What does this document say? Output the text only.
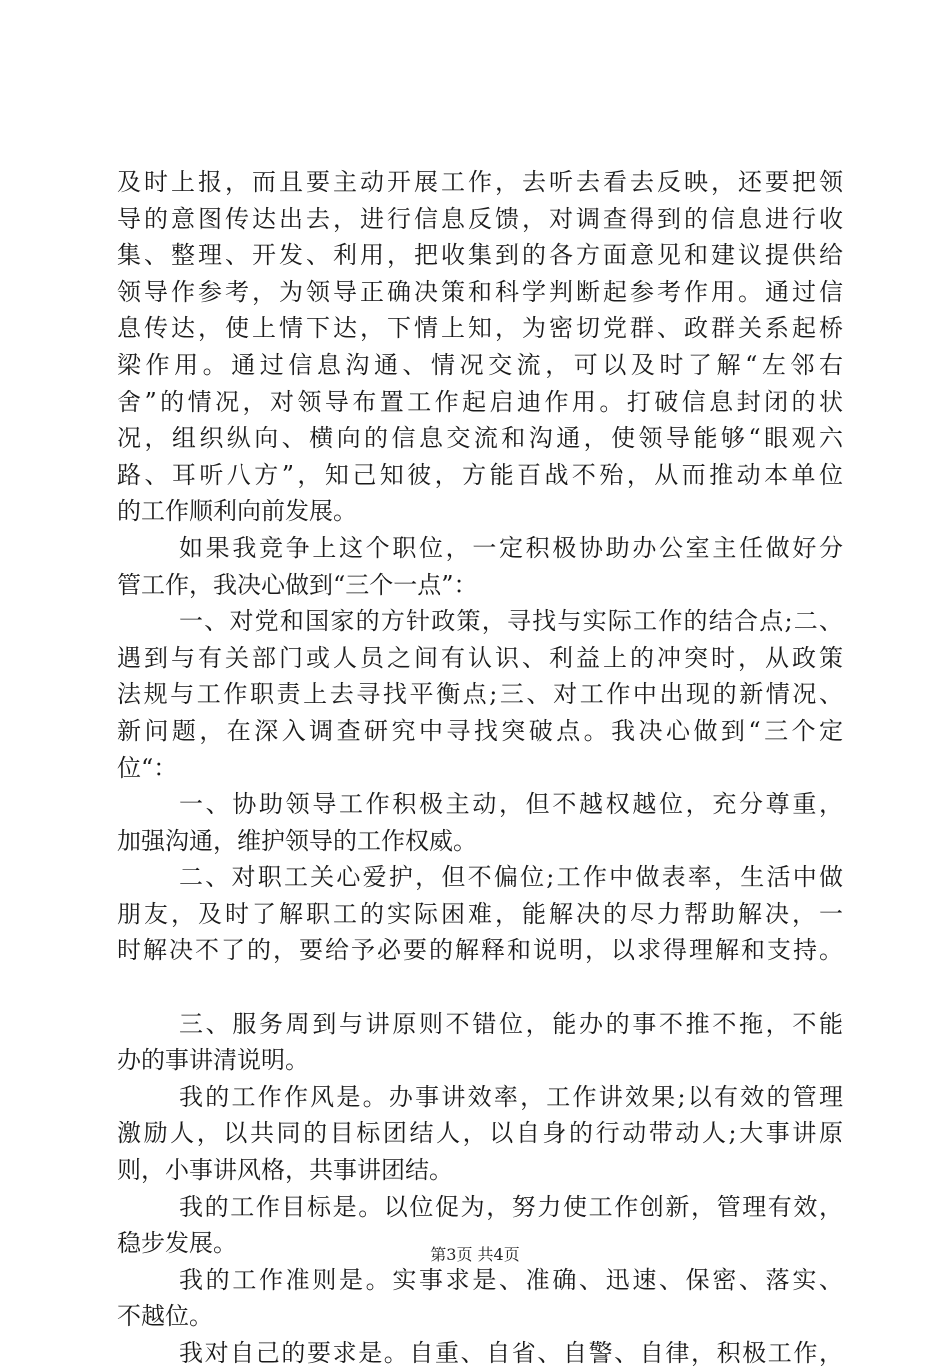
及时上报，而且要主动开展工作，去听去看去反映，还要把领
导的意图传达出去，进行信息反馈，对调查得到的信息进行收
集、整理、开发、利用，把收集到的各方面意见和建议提供给
领导作参考，为领导正确决策和科学判断起参考作用。通过信
息传达，使上情下达，下情上知，为密切党群、政群关系起桥
梁作用。通过信息沟通、情况交流，可以及时了解“左邻右
舍”的情况，对领导布置工作起启迪作用。打破信息封闭的状
况，组织纵向、横向的信息交流和沟通，使领导能够“眼观六
路、耳听八方”，知己知彼，方能百战不殆，从而推动本单位
的工作顺利向前发展。
如果我竞争上这个职位，一定积极协助办公室主任做好分
管工作，我决心做到“三个一点”：
一、对党和国家的方针政策，寻找与实际工作的结合点;二、
遇到与有关部门或人员之间有认识、利益上的冲突时，从政策
法规与工作职责上去寻找平衡点;三、对工作中出现的新情况、
新问题，在深入调查研究中寻找突破点。我决心做到“三个定
位“：
一、协助领导工作积极主动，但不越权越位，充分尊重，
加强沟通，维护领导的工作权威。
二、对职工关心爱护，但不偏位;工作中做表率，生活中做
朋友，及时了解职工的实际困难，能解决的尽力帮助解决，一
时解决不了的，要给予必要的解释和说明，以求得理解和支持。
三、服务周到与讲原则不错位，能办的事不推不拖，不能
办的事讲清说明。
我的工作作风是。办事讲效率，工作讲效果;以有效的管理
激励人，以共同的目标团结人，以自身的行动带动人;大事讲原
则，小事讲风格，共事讲团结。
我的工作目标是。以位促为，努力使工作创新，管理有效，
稳步发展。
我的工作准则是。实事求是、准确、迅速、保密、落实、
不越位。
我对自己的要求是。自重、自省、自警、自律，积极工作，
第3页 共4页
